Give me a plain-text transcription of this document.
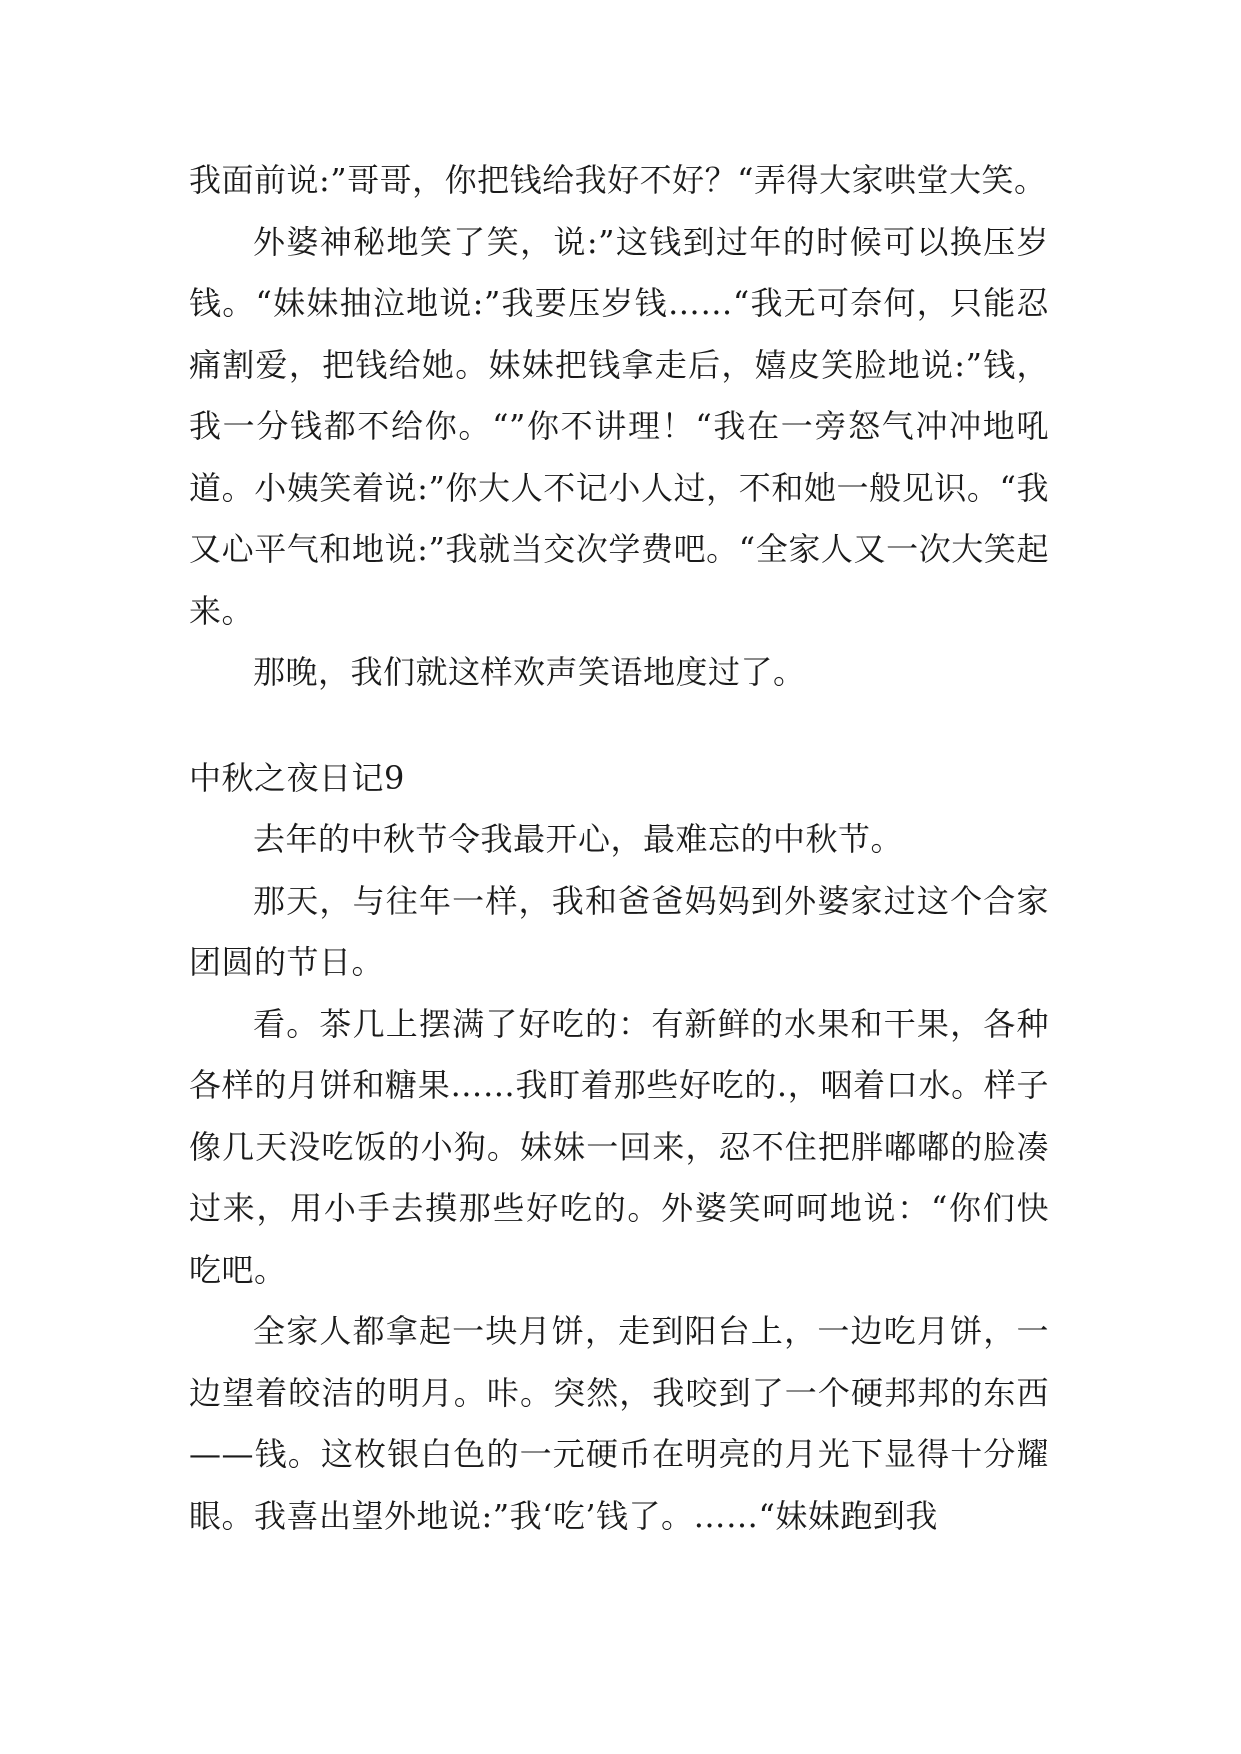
我面前说:”哥哥，你把钱给我好不好？“弄得大家哄堂大笑。

外婆神秘地笑了笑，说:”这钱到过年的时候可以换压岁钱。“妹妹抽泣地说:”我要压岁钱……“我无可奈何，只能忍痛割爱，把钱给她。妹妹把钱拿走后，嬉皮笑脸地说:”钱，我一分钱都不给你。“”你不讲理！“我在一旁怒气冲冲地吼道。小姨笑着说:”你大人不记小人过，不和她一般见识。“我又心平气和地说:”我就当交次学费吧。“全家人又一次大笑起来。

那晚，我们就这样欢声笑语地度过了。

中秋之夜日记9

去年的中秋节令我最开心，最难忘的中秋节。

那天，与往年一样，我和爸爸妈妈到外婆家过这个合家团圆的节日。

看。茶几上摆满了好吃的：有新鲜的水果和干果，各种各样的月饼和糖果……我盯着那些好吃的.，咽着口水。样子像几天没吃饭的小狗。妹妹一回来，忍不住把胖嘟嘟的脸凑过来，用小手去摸那些好吃的。外婆笑呵呵地说：“你们快吃吧。

全家人都拿起一块月饼，走到阳台上，一边吃月饼，一边望着皎洁的明月。咔。突然，我咬到了一个硬邦邦的东西——钱。这枚银白色的一元硬币在明亮的月光下显得十分耀眼。我喜出望外地说:”我‘吃’钱了。……“妹妹跑到我
